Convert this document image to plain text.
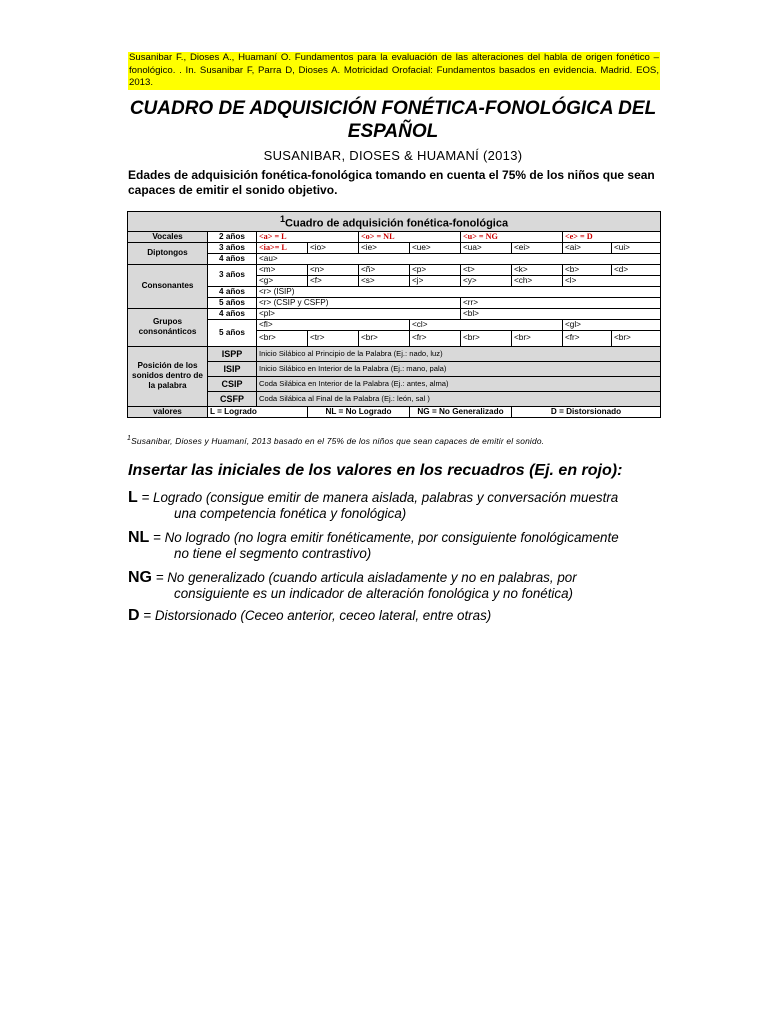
Susanibar F., Dioses A., Huamaní O. Fundamentos para la evaluación de las alteraciones del habla de origen fonético – fonológico. . In. Susanibar F, Parra D, Dioses A. Motricidad Orofacial: Fundamentos basados en evidencia. Madrid. EOS, 2013.
CUADRO DE ADQUISICIÓN FONÉTICA-FONOLÓGICA DEL ESPAÑOL
SUSANIBAR, DIOSES & HUAMANÍ (2013)
Edades de adquisición fonética-fonológica tomando en cuenta el 75% de los niños que sean capaces de emitir el sonido objetivo.
$^1$Cuadro de adquisición fonética-fonológica										
Vocales	2 años	<a> = L		<o> = NL		<u> = NG		<e> = D	
Diptongos	3 años	<ia>= L	<io>	<ie>	<ue>	<ua>	<ei>	<ai>	<ui>	
	4 años	<au>								
Consonantes	3 años	<m>	<n>	<ñ>	<p>	<t>	<k>	<b>	<d>	
		<g>	<f>	<s>	<j>	<y>	<ch>	<l>		
	4 años	<r> (ISIP)								
	5 años	<r> (CSIP y CSFP)				<rr>				
Grupos consonánticos	4 años	<pl>				<bl>				
	5 años	<fl>			<cl>			<gl>		
		<br>	<tr>	<br>	<fr>	<br>	<br>	<fr>	<br>	
Posición de los sonidos dentro de la palabra	ISPP	Inicio Silábico al Principio de la Palabra (Ej.: nado, luz)								
	ISIP	Inicio Silábico en Interior de la Palabra (Ej.: mano, pala)								
	CSIP	Coda Silábica en Interior de la Palabra (Ej.: antes, alma)								
	CSFP	Coda Silábica al Final de la Palabra (Ej.: león, sal )								
valores	L = Logrado		NL = No Logrado		NG = No Generalizado		D = Distorsionado			
$^1$Susanibar, Dioses y Huamaní, 2013 basado en el 75% de los niños que sean capaces de emitir el sonido.
Insertar las iniciales de los valores en los recuadros (Ej. en rojo):
L = Logrado (consigue emitir de manera aislada, palabras y conversación muestra
una competencia fonética y fonológica)
NL = No logrado (no logra emitir fonéticamente, por consiguiente fonológicamente
no tiene el segmento contrastivo)
NG = No generalizado (cuando articula aisladamente y no en palabras, por
consiguiente es un indicador de alteración fonológica y no fonética)
D = Distorsionado (Ceceo anterior, ceceo lateral, entre otras)
